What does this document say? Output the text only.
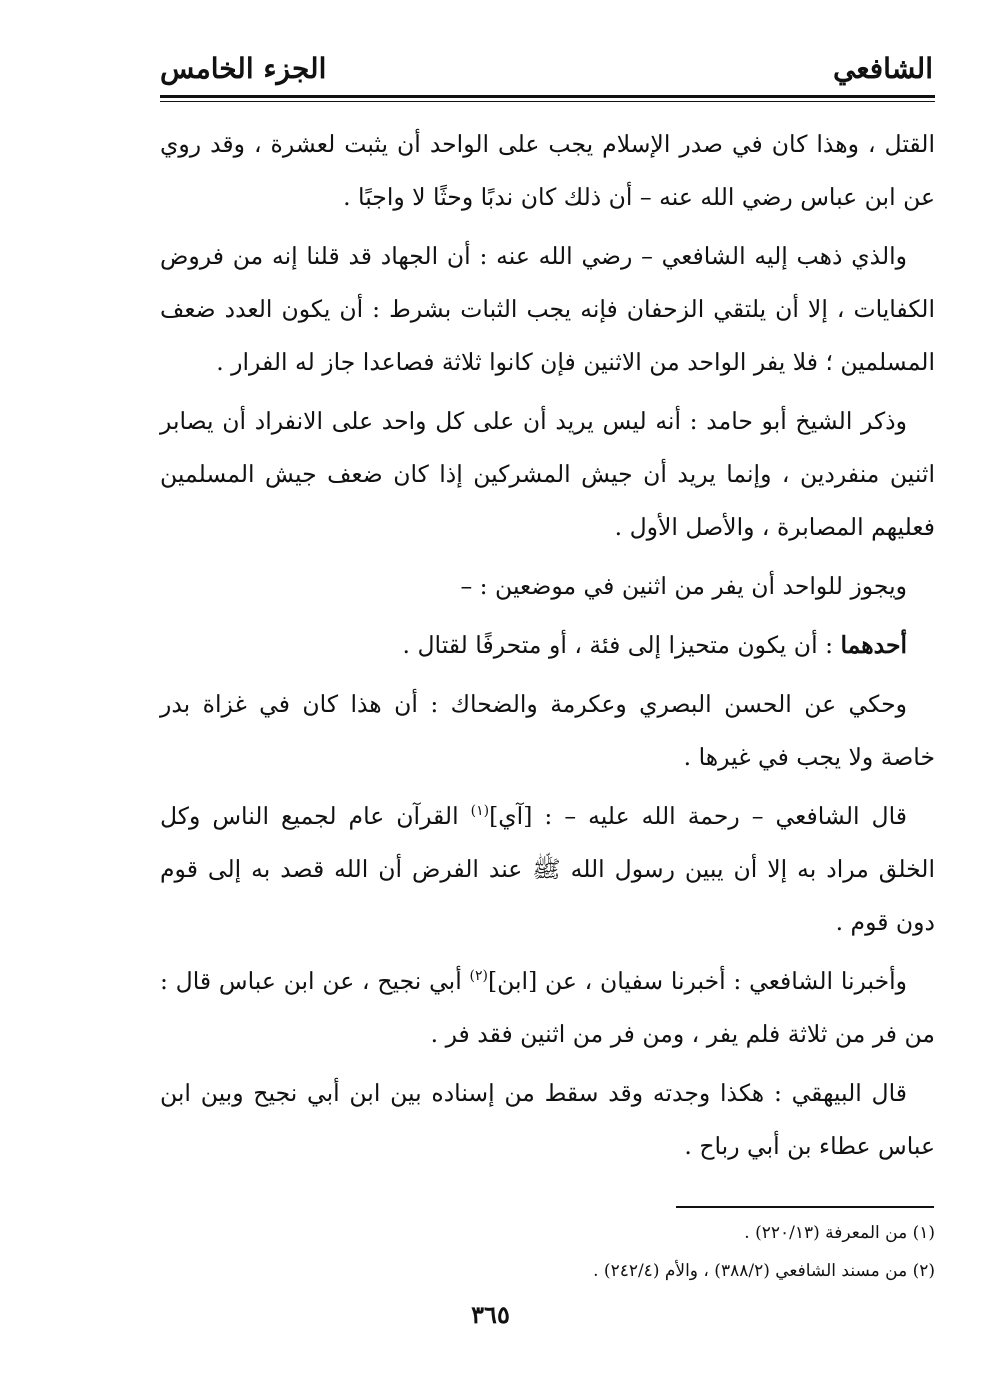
الشافعي
الجزء الخامس

القتل ، وهذا كان في صدر الإسلام يجب على الواحد أن يثبت لعشرة ، وقد روي عن ابن عباس رضي الله عنه – أن ذلك كان ندبًا وحثًا لا واجبًا .

والذي ذهب إليه الشافعي – رضي الله عنه : أن الجهاد قد قلنا إنه من فروض الكفايات ، إلا أن يلتقي الزحفان فإنه يجب الثبات بشرط : أن يكون العدد ضعف المسلمين ؛ فلا يفر الواحد من الاثنين فإن كانوا ثلاثة فصاعدا جاز له الفرار .

وذكر الشيخ أبو حامد : أنه ليس يريد أن على كل واحد على الانفراد أن يصابر اثنين منفردين ، وإنما يريد أن جيش المشركين إذا كان ضعف جيش المسلمين فعليهم المصابرة ، والأصل الأول .

ويجوز للواحد أن يفر من اثنين في موضعين : –

أحدهما : أن يكون متحيزا إلى فئة ، أو متحرفًا لقتال .

وحكي عن الحسن البصري وعكرمة والضحاك : أن هذا كان في غزاة بدر خاصة ولا يجب في غيرها .

قال الشافعي – رحمة الله عليه – : [آي]$^{(١)}$ القرآن عام لجميع الناس وكل الخلق مراد به إلا أن يبين رسول الله ﷺ عند الفرض أن الله قصد به إلى قوم دون قوم .

وأخبرنا الشافعي : أخبرنا سفيان ، عن [ابن]$^{(٢)}$ أبي نجيح ، عن ابن عباس قال : من فر من ثلاثة فلم يفر ، ومن فر من اثنين فقد فر .

قال البيهقي : هكذا وجدته وقد سقط من إسناده بين ابن أبي نجيح وبين ابن عباس عطاء بن أبي رباح .

(١) من المعرفة (٢٢٠/١٣) .
(٢) من مسند الشافعي (٣٨٨/٢) ، والأم (٢٤٢/٤) .
٣٦٥
